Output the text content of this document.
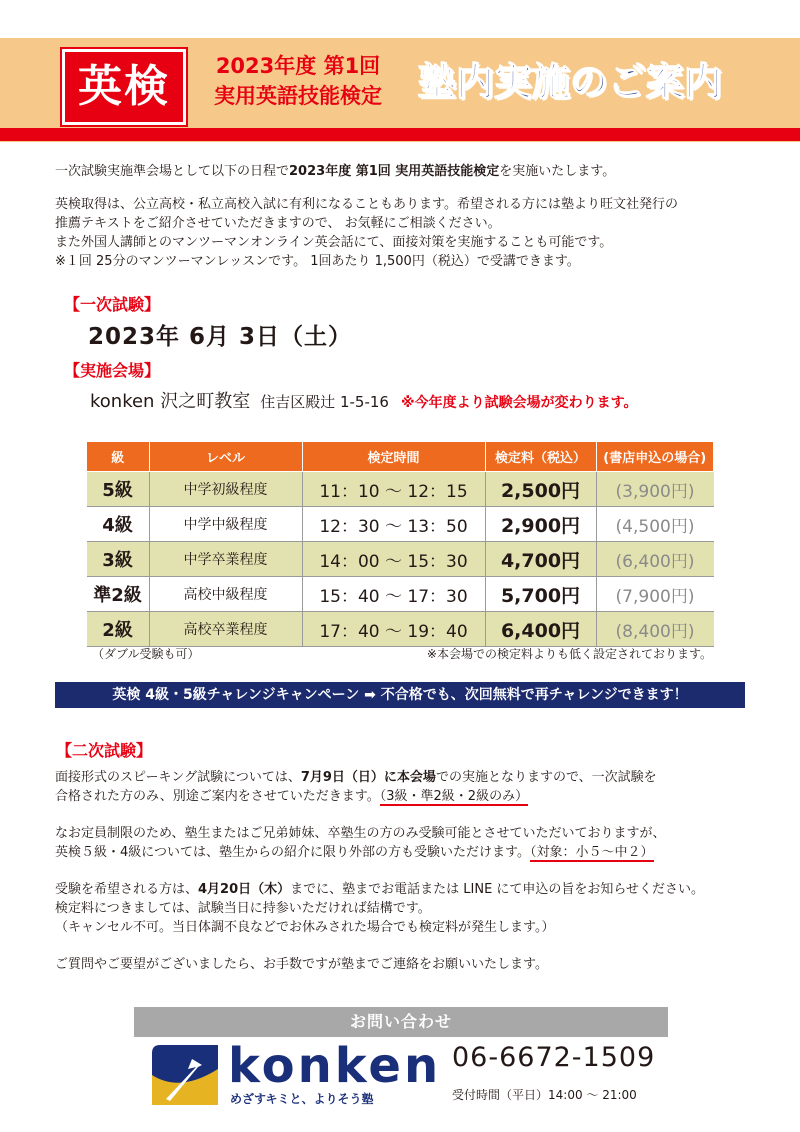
英検	2023年度 第1回
実用英語技能検定 塾内実施のご案内
一次試験実施準会場として以下の日程で2023年度 第1回 実用英語技能検定を実施いたします。
英検取得は、公立高校・私立高校入試に有利になることもあります。希望される方には塾より旺文社発行の
推薦テキストをご紹介させていただきますので、 お気軽にご相談ください。
また外国人講師とのマンツーマンオンライン英会話にて、面接対策を実施することも可能です。
※１回 25分のマンツーマンレッスンです。 1回あたり 1,500円（税込）で受講できます。
【一次試験】
2023年 6月 3日（土）
【実施会場】
konken 沢之町教室 住吉区殿辻 1-5-16 ※今年度より試験会場が変わります。
級	レベル	検定時間	検定料（税込）	(書店申込の場合)
5級	中学初級程度	11：10 〜 12：15	2,500円	(3,900円)
4級	中学中級程度	12：30 〜 13：50	2,900円	(4,500円)
3級	中学卒業程度	14：00 〜 15：30	4,700円	(6,400円)
準2級	高校中級程度	15：40 〜 17：30	5,700円	(7,900円)
2級	高校卒業程度	17：40 〜 19：40	6,400円	(8,400円)
（ダブル受験も可）	※本会場での検定料よりも低く設定されております。
英検 4級・5級チャレンジキャンペーン ➡ 不合格でも、次回無料で再チャレンジできます！
【二次試験】
面接形式のスピーキング試験については、7月9日（日）に本会場での実施となりますので、一次試験を
合格された方のみ、別途ご案内をさせていただきます。（3級・準2級・2級のみ）
なお定員制限のため、塾生またはご兄弟姉妹、卒塾生の方のみ受験可能とさせていただいておりますが、
英検５級・4級については、塾生からの紹介に限り外部の方も受験いただけます。（対象：小５〜中２）
受験を希望される方は、4月20日（木）までに、塾までお電話または LINE にて申込の旨をお知らせください。
検定料につきましては、試験当日に持参いただければ結構です。
（キャンセル不可。当日体調不良などでお休みされた場合でも検定料が発生します。）
ご質問やご要望がございましたら、お手数ですが塾までご連絡をお願いいたします。
お問い合わせ
konken
めざすキミと、よりそう塾
06-6672-1509
受付時間（平日）14:00 〜 21:00
